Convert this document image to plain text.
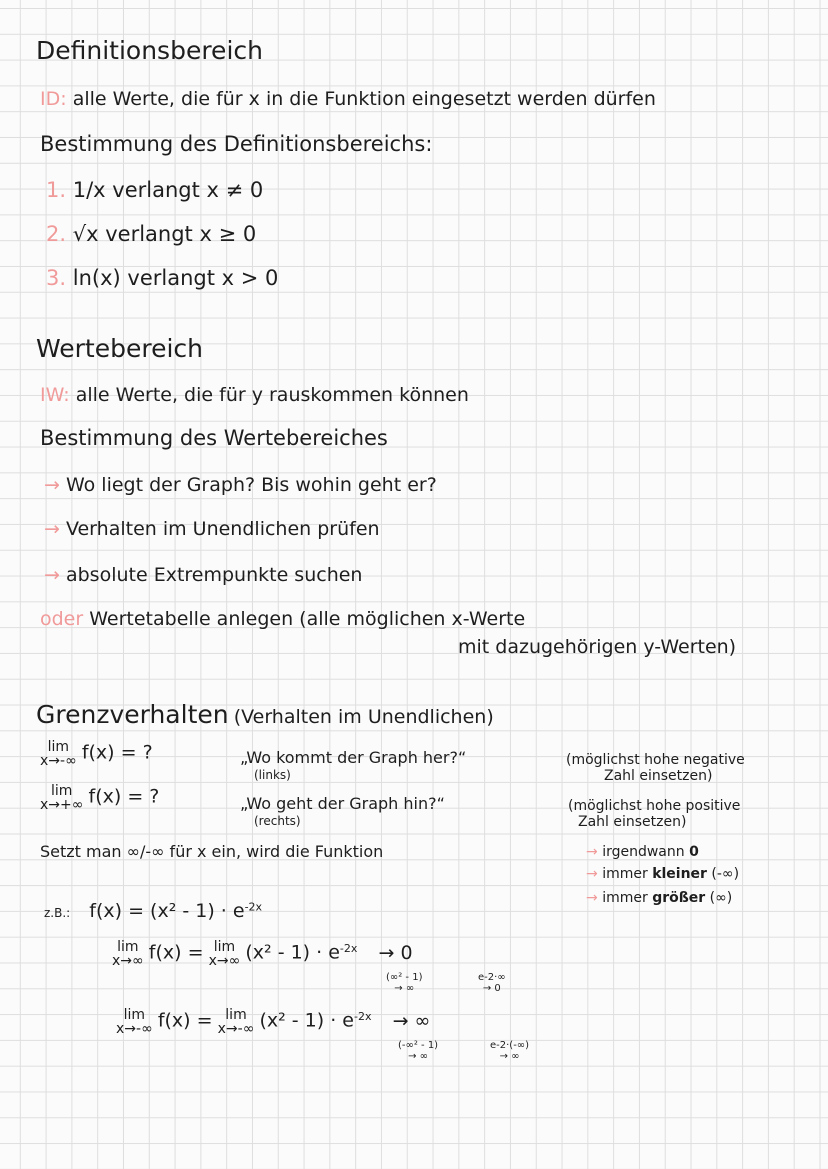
Definitionsbereich
ID: alle Werte, die für x in die Funktion eingesetzt werden dürfen
Bestimmung des Definitionsbereichs:
1. 1/x verlangt x ≠ 0
2. √x verlangt x ≥ 0
3. ln(x) verlangt x > 0
Wertebereich
IW: alle Werte, die für y rauskommen können
Bestimmung des Wertebereiches
→ Wo liegt der Graph? Bis wohin geht er?
→ Verhalten im Unendlichen prüfen
→ absolute Extrempunkte suchen
oder Wertetabelle anlegen (alle möglichen x-Werte
mit dazugehörigen y-Werten)
Grenzverhalten (Verhalten im Unendlichen)
lim
x→-∞ f(x) = ?	„Wo kommt der Graph her?“
(links)
(möglichst hohe negative
Zahl einsetzen)
lim
x→+∞ f(x) = ?	„Wo geht der Graph hin?“
(rechts)
(möglichst hohe positive
Zahl einsetzen)
Setzt man ∞/-∞ für x ein, wird die Funktion	→ irgendwann 0
→ immer kleiner (-∞)
→ immer größer (∞)
z.B.: $f(x) = (x^2 - 1) \cdot e^{-2x}$
lim
x→∞ f(x) = lim
x→∞ $(x^2 - 1) \cdot e^{-2x} \to 0$
(∞² - 1)
→ ∞
e-2·∞
→ 0
lim
x→-∞ f(x) = lim
x→-∞ $(x^2 - 1) \cdot e^{-2x}$ → ∞
(-∞² - 1)
→ ∞
e-2·(-∞)
→ ∞
